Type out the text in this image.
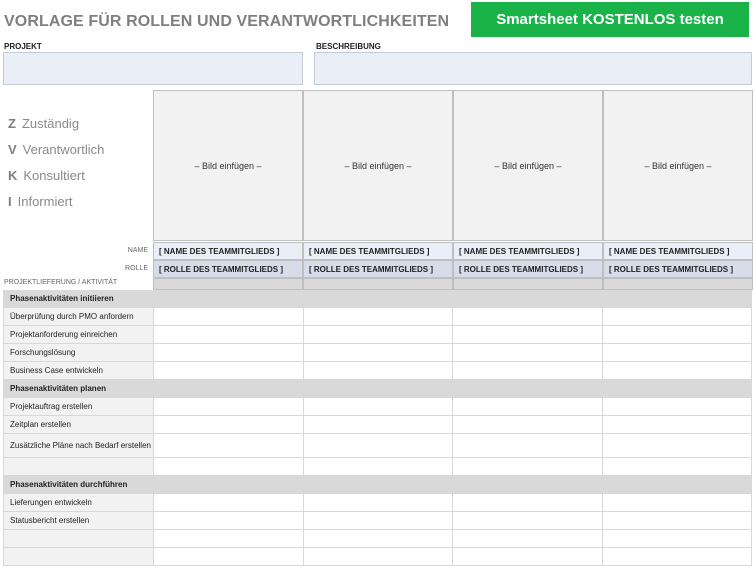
VORLAGE FÜR ROLLEN UND VERANTWORTLICHKEITEN	Smartsheet KOSTENLOS testen
PROJEKT	BESCHREIBUNG
Z Zuständig
V Verantwortlich
K Konsultiert
I Informiert
– Bild einfügen –
[ NAME DES TEAMMITGLIEDS ]
[ ROLLE DES TEAMMITGLIEDS ]
– Bild einfügen –
[ NAME DES TEAMMITGLIEDS ]
[ ROLLE DES TEAMMITGLIEDS ]
– Bild einfügen –
[ NAME DES TEAMMITGLIEDS ]
[ ROLLE DES TEAMMITGLIEDS ]
– Bild einfügen –
[ NAME DES TEAMMITGLIEDS ]
[ ROLLE DES TEAMMITGLIEDS ]
NAME
ROLLE
PROJEKTLIEFERUNG / AKTIVITÄT
Phasenaktivitäten initiieren
Überprüfung durch PMO anfordern
Projektanforderung einreichen
Forschungslösung
Business Case entwickeln
Phasenaktivitäten planen
Projektauftrag erstellen
Zeitplan erstellen
Zusätzliche Pläne nach Bedarf erstellen
Phasenaktivitäten durchführen
Lieferungen entwickeln
Statusbericht erstellen
